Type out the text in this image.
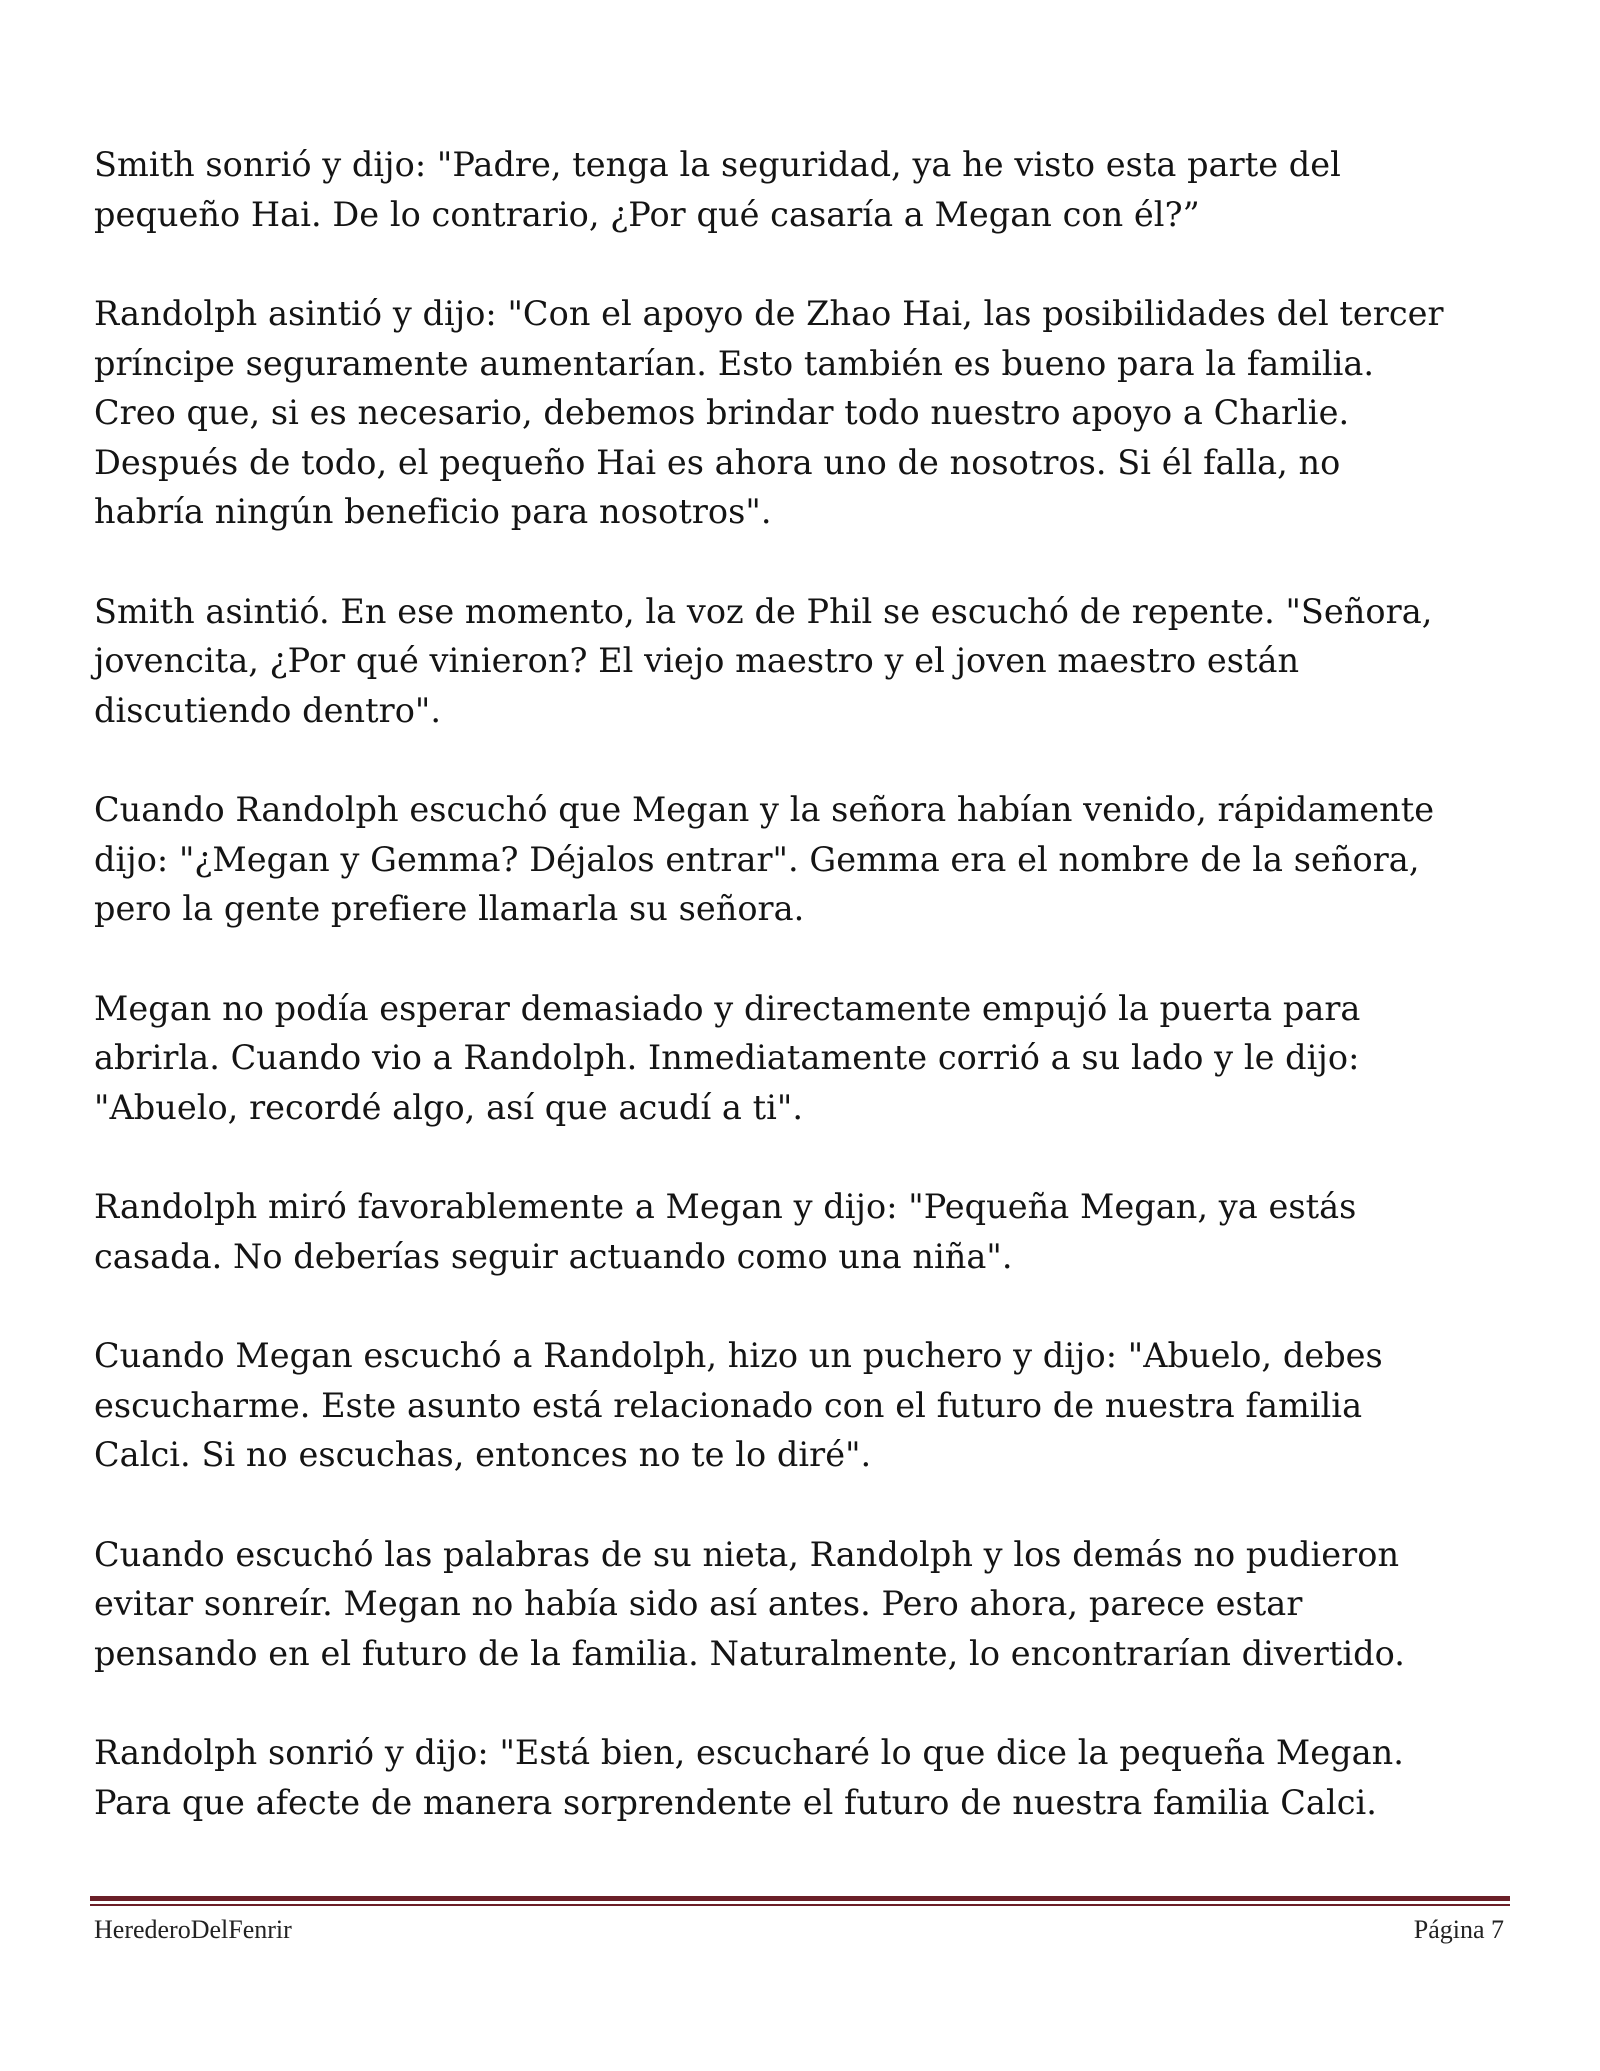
Smith sonrió y dijo: "Padre, tenga la seguridad, ya he visto esta parte del
pequeño Hai. De lo contrario, ¿Por qué casaría a Megan con él?”

Randolph asintió y dijo: "Con el apoyo de Zhao Hai, las posibilidades del tercer
príncipe seguramente aumentarían. Esto también es bueno para la familia.
Creo que, si es necesario, debemos brindar todo nuestro apoyo a Charlie.
Después de todo, el pequeño Hai es ahora uno de nosotros. Si él falla, no
habría ningún beneficio para nosotros".

Smith asintió. En ese momento, la voz de Phil se escuchó de repente. "Señora,
jovencita, ¿Por qué vinieron? El viejo maestro y el joven maestro están
discutiendo dentro".

Cuando Randolph escuchó que Megan y la señora habían venido, rápidamente
dijo: "¿Megan y Gemma? Déjalos entrar". Gemma era el nombre de la señora,
pero la gente prefiere llamarla su señora.

Megan no podía esperar demasiado y directamente empujó la puerta para
abrirla. Cuando vio a Randolph. Inmediatamente corrió a su lado y le dijo:
"Abuelo, recordé algo, así que acudí a ti".

Randolph miró favorablemente a Megan y dijo: "Pequeña Megan, ya estás
casada. No deberías seguir actuando como una niña".

Cuando Megan escuchó a Randolph, hizo un puchero y dijo: "Abuelo, debes
escucharme. Este asunto está relacionado con el futuro de nuestra familia
Calci. Si no escuchas, entonces no te lo diré".

Cuando escuchó las palabras de su nieta, Randolph y los demás no pudieron
evitar sonreír. Megan no había sido así antes. Pero ahora, parece estar
pensando en el futuro de la familia. Naturalmente, lo encontrarían divertido.

Randolph sonrió y dijo: "Está bien, escucharé lo que dice la pequeña Megan.
Para que afecte de manera sorprendente el futuro de nuestra familia Calci.

HerederoDelFenrir	Página 7
